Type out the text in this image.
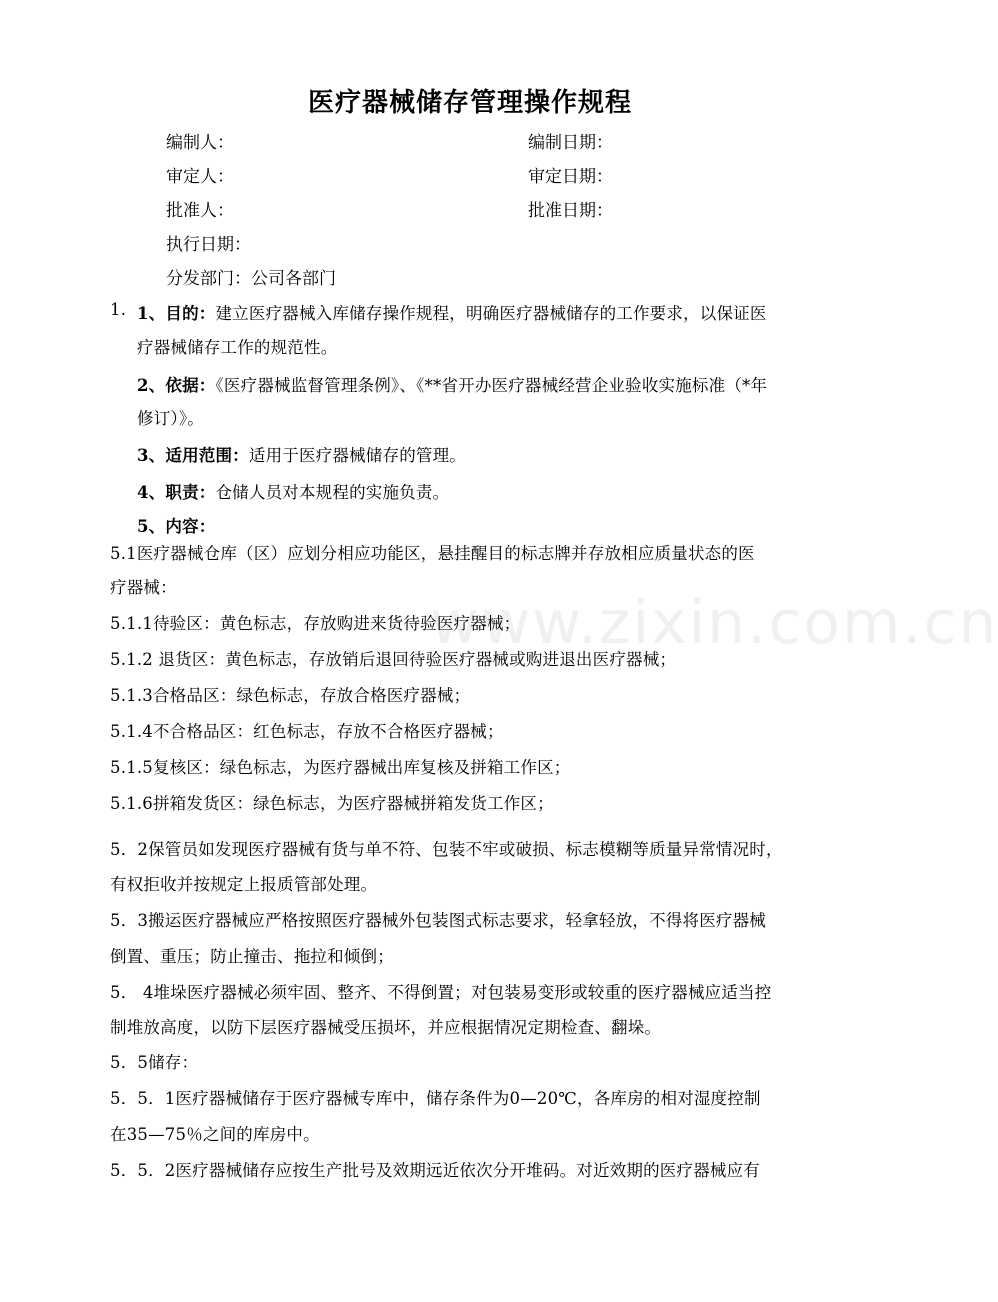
www.zixin.com.cn
医疗器械储存管理操作规程
编制人：	编制日期：
审定人：	审定日期：
批准人：	批准日期：
执行日期：
分发部门：公司各部门
1. 1、目的：建立医疗器械入库储存操作规程，明确医疗器械储存的工作要求，以保证医
疗器械储存工作的规范性。
2、依据：《医疗器械监督管理条例》、《**省开办医疗器械经营企业验收实施标准（*年
修订）》。
3、适用范围：适用于医疗器械储存的管理。
4、职责：仓储人员对本规程的实施负责。
5、内容：
5.1医疗器械仓库（区）应划分相应功能区，悬挂醒目的标志牌并存放相应质量状态的医
疗器械：
5.1.1待验区：黄色标志，存放购进来货待验医疗器械；
5.1.2 退货区：黄色标志，存放销后退回待验医疗器械或购进退出医疗器械；
5.1.3合格品区：绿色标志，存放合格医疗器械；
5.1.4不合格品区：红色标志，存放不合格医疗器械；
5.1.5复核区：绿色标志，为医疗器械出库复核及拼箱工作区；
5.1.6拼箱发货区：绿色标志，为医疗器械拼箱发货工作区；
5．2保管员如发现医疗器械有货与单不符、包装不牢或破损、标志模糊等质量异常情况时，
有权拒收并按规定上报质管部处理。
5．3搬运医疗器械应严格按照医疗器械外包装图式标志要求，轻拿轻放，不得将医疗器械
倒置、重压；防止撞击、拖拉和倾倒；
5． 4堆垛医疗器械必须牢固、整齐、不得倒置；对包装易变形或较重的医疗器械应适当控
制堆放高度，以防下层医疗器械受压损坏，并应根据情况定期检查、翻垛。
5．5储存：
5．5．1医疗器械储存于医疗器械专库中，储存条件为0—20℃，各库房的相对湿度控制
在35—75％之间的库房中。
5．5．2医疗器械储存应按生产批号及效期远近依次分开堆码。对近效期的医疗器械应有
